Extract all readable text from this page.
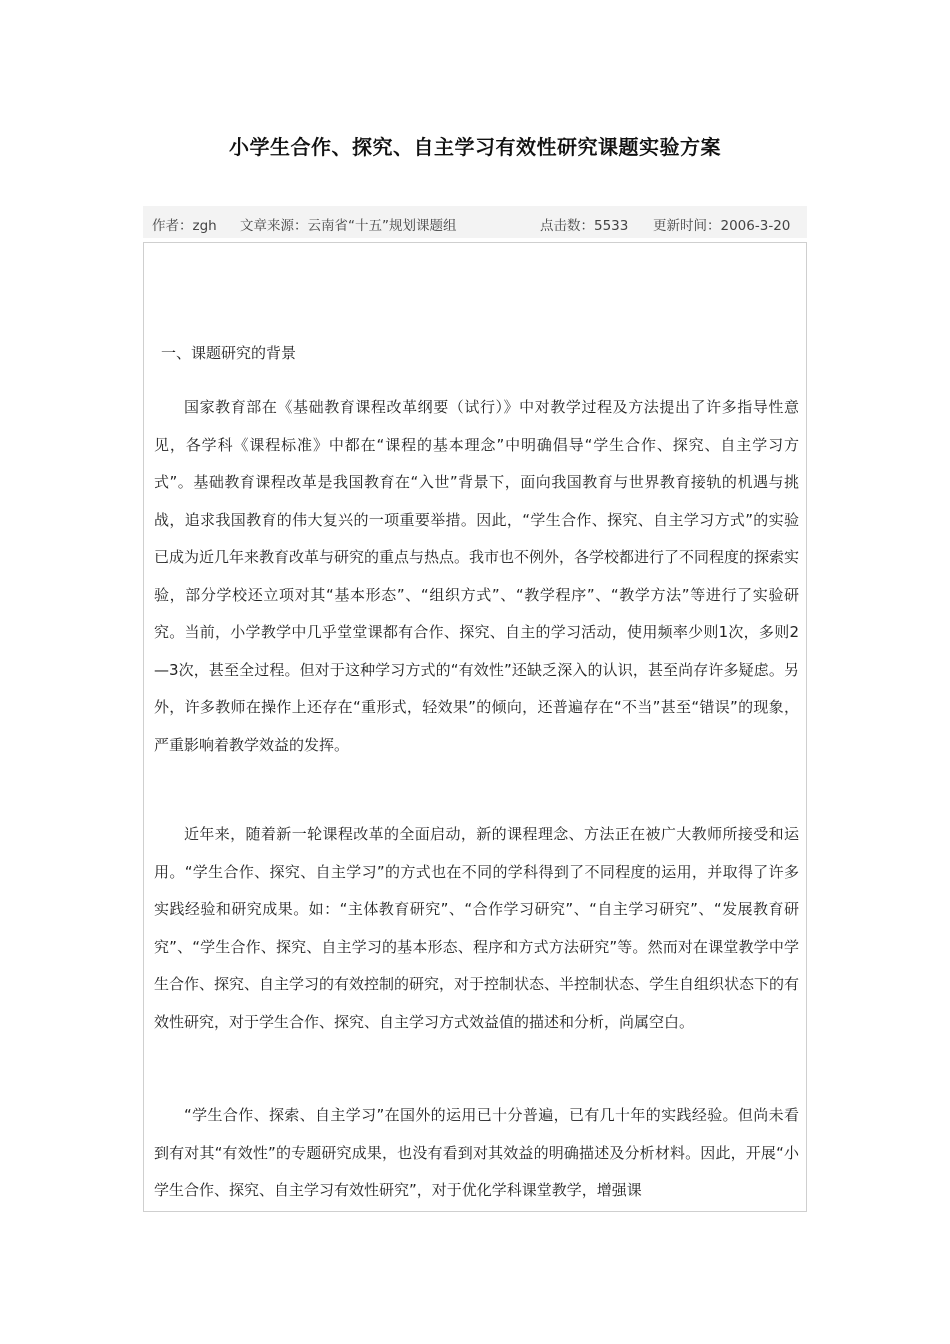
小学生合作、探究、自主学习有效性研究课题实验方案
作者：zgh 文章来源：云南省“十五”规划课题组	点击数：5533 更新时间：2006-3-20
一、课题研究的背景

国家教育部在《基础教育课程改革纲要（试行）》中对教学过程及方法提出了许多指导性意见，各学科《课程标准》中都在“课程的基本理念”中明确倡导“学生合作、探究、自主学习方式”。基础教育课程改革是我国教育在“入世”背景下，面向我国教育与世界教育接轨的机遇与挑战，追求我国教育的伟大复兴的一项重要举措。因此，“学生合作、探究、自主学习方式”的实验已成为近几年来教育改革与研究的重点与热点。我市也不例外，各学校都进行了不同程度的探索实验，部分学校还立项对其“基本形态”、“组织方式”、“教学程序”、“教学方法”等进行了实验研究。当前，小学教学中几乎堂堂课都有合作、探究、自主的学习活动，使用频率少则1次，多则2—3次，甚至全过程。但对于这种学习方式的“有效性”还缺乏深入的认识，甚至尚存许多疑虑。另外，许多教师在操作上还存在“重形式，轻效果”的倾向，还普遍存在“不当”甚至“错误”的现象，严重影响着教学效益的发挥。

近年来，随着新一轮课程改革的全面启动，新的课程理念、方法正在被广大教师所接受和运用。“学生合作、探究、自主学习”的方式也在不同的学科得到了不同程度的运用，并取得了许多实践经验和研究成果。如：“主体教育研究”、“合作学习研究”、“自主学习研究”、“发展教育研究”、“学生合作、探究、自主学习的基本形态、程序和方式方法研究”等。然而对在课堂教学中学生合作、探究、自主学习的有效控制的研究，对于控制状态、半控制状态、学生自组织状态下的有效性研究，对于学生合作、探究、自主学习方式效益值的描述和分析，尚属空白。

“学生合作、探索、自主学习”在国外的运用已十分普遍，已有几十年的实践经验。但尚未看到有对其“有效性”的专题研究成果，也没有看到对其效益的明确描述及分析材料。因此，开展“小学生合作、探究、自主学习有效性研究”，对于优化学科课堂教学，增强课
